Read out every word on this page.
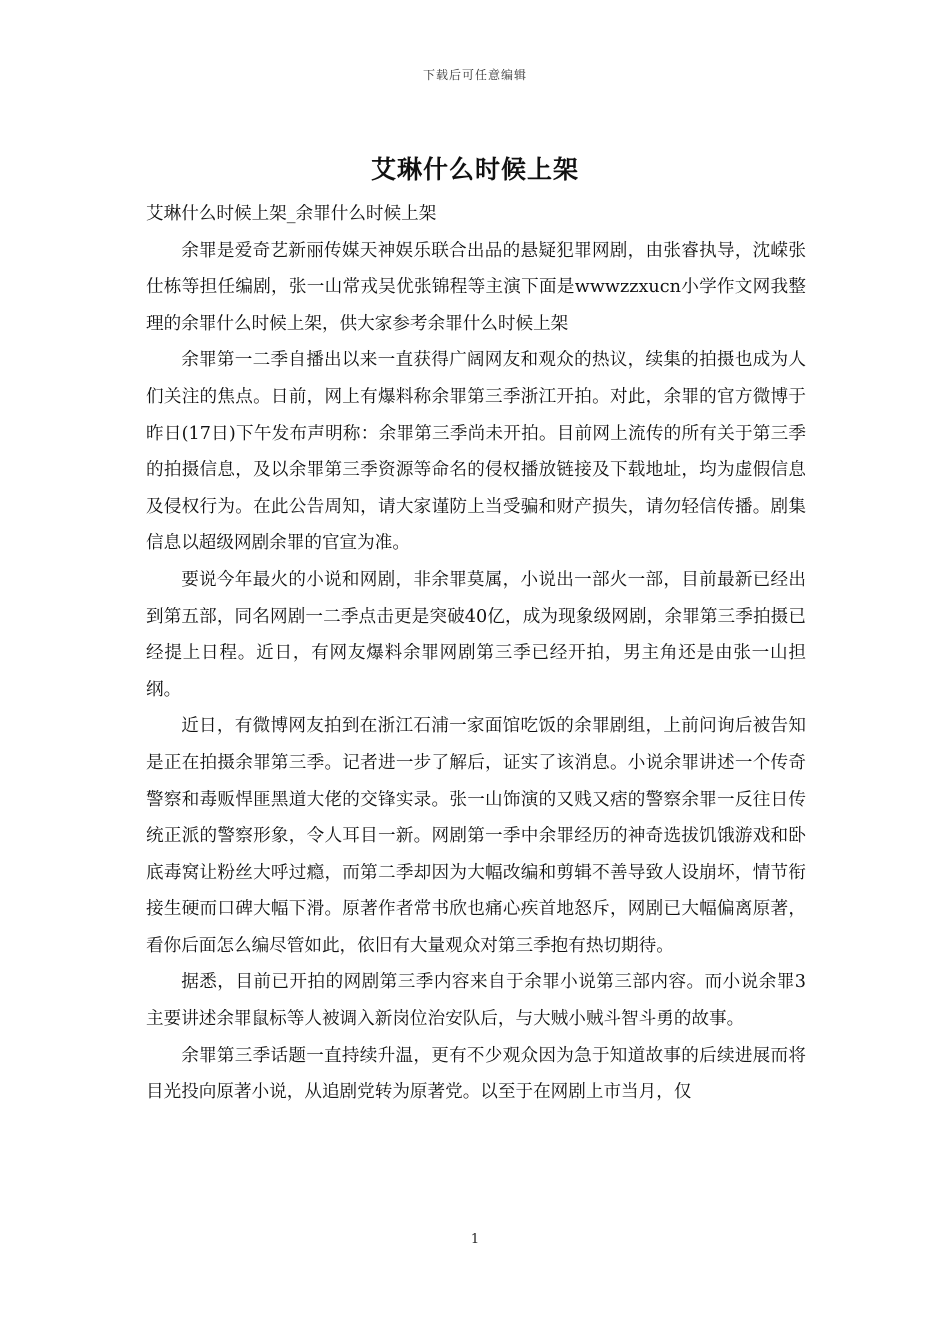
下载后可任意编辑
艾琳什么时候上架

艾琳什么时候上架_余罪什么时候上架

余罪是爱奇艺新丽传媒天神娱乐联合出品的悬疑犯罪网剧，由张睿执导，沈嵘张仕栋等担任编剧，张一山常戎吴优张锦程等主演下面是wwwzzxucn小学作文网我整理的余罪什么时候上架，供大家参考余罪什么时候上架

余罪第一二季自播出以来一直获得广阔网友和观众的热议，续集的拍摄也成为人们关注的焦点。日前，网上有爆料称余罪第三季浙江开拍。对此，余罪的官方微博于昨日(17日)下午发布声明称：余罪第三季尚未开拍。目前网上流传的所有关于第三季的拍摄信息，及以余罪第三季资源等命名的侵权播放链接及下载地址，均为虚假信息及侵权行为。在此公告周知，请大家谨防上当受骗和财产损失，请勿轻信传播。剧集信息以超级网剧余罪的官宣为准。

要说今年最火的小说和网剧，非余罪莫属，小说出一部火一部，目前最新已经出到第五部，同名网剧一二季点击更是突破40亿，成为现象级网剧，余罪第三季拍摄已经提上日程。近日，有网友爆料余罪网剧第三季已经开拍，男主角还是由张一山担纲。

近日，有微博网友拍到在浙江石浦一家面馆吃饭的余罪剧组，上前问询后被告知是正在拍摄余罪第三季。记者进一步了解后，证实了该消息。小说余罪讲述一个传奇警察和毒贩悍匪黑道大佬的交锋实录。张一山饰演的又贱又痞的警察余罪一反往日传统正派的警察形象，令人耳目一新。网剧第一季中余罪经历的神奇选拔饥饿游戏和卧底毒窝让粉丝大呼过瘾，而第二季却因为大幅改编和剪辑不善导致人设崩坏，情节衔接生硬而口碑大幅下滑。原著作者常书欣也痛心疾首地怒斥，网剧已大幅偏离原著，看你后面怎么编尽管如此，依旧有大量观众对第三季抱有热切期待。

据悉，目前已开拍的网剧第三季内容来自于余罪小说第三部内容。而小说余罪3主要讲述余罪鼠标等人被调入新岗位治安队后，与大贼小贼斗智斗勇的故事。

余罪第三季话题一直持续升温，更有不少观众因为急于知道故事的后续进展而将目光投向原著小说，从追剧党转为原著党。以至于在网剧上市当月，仅

1
